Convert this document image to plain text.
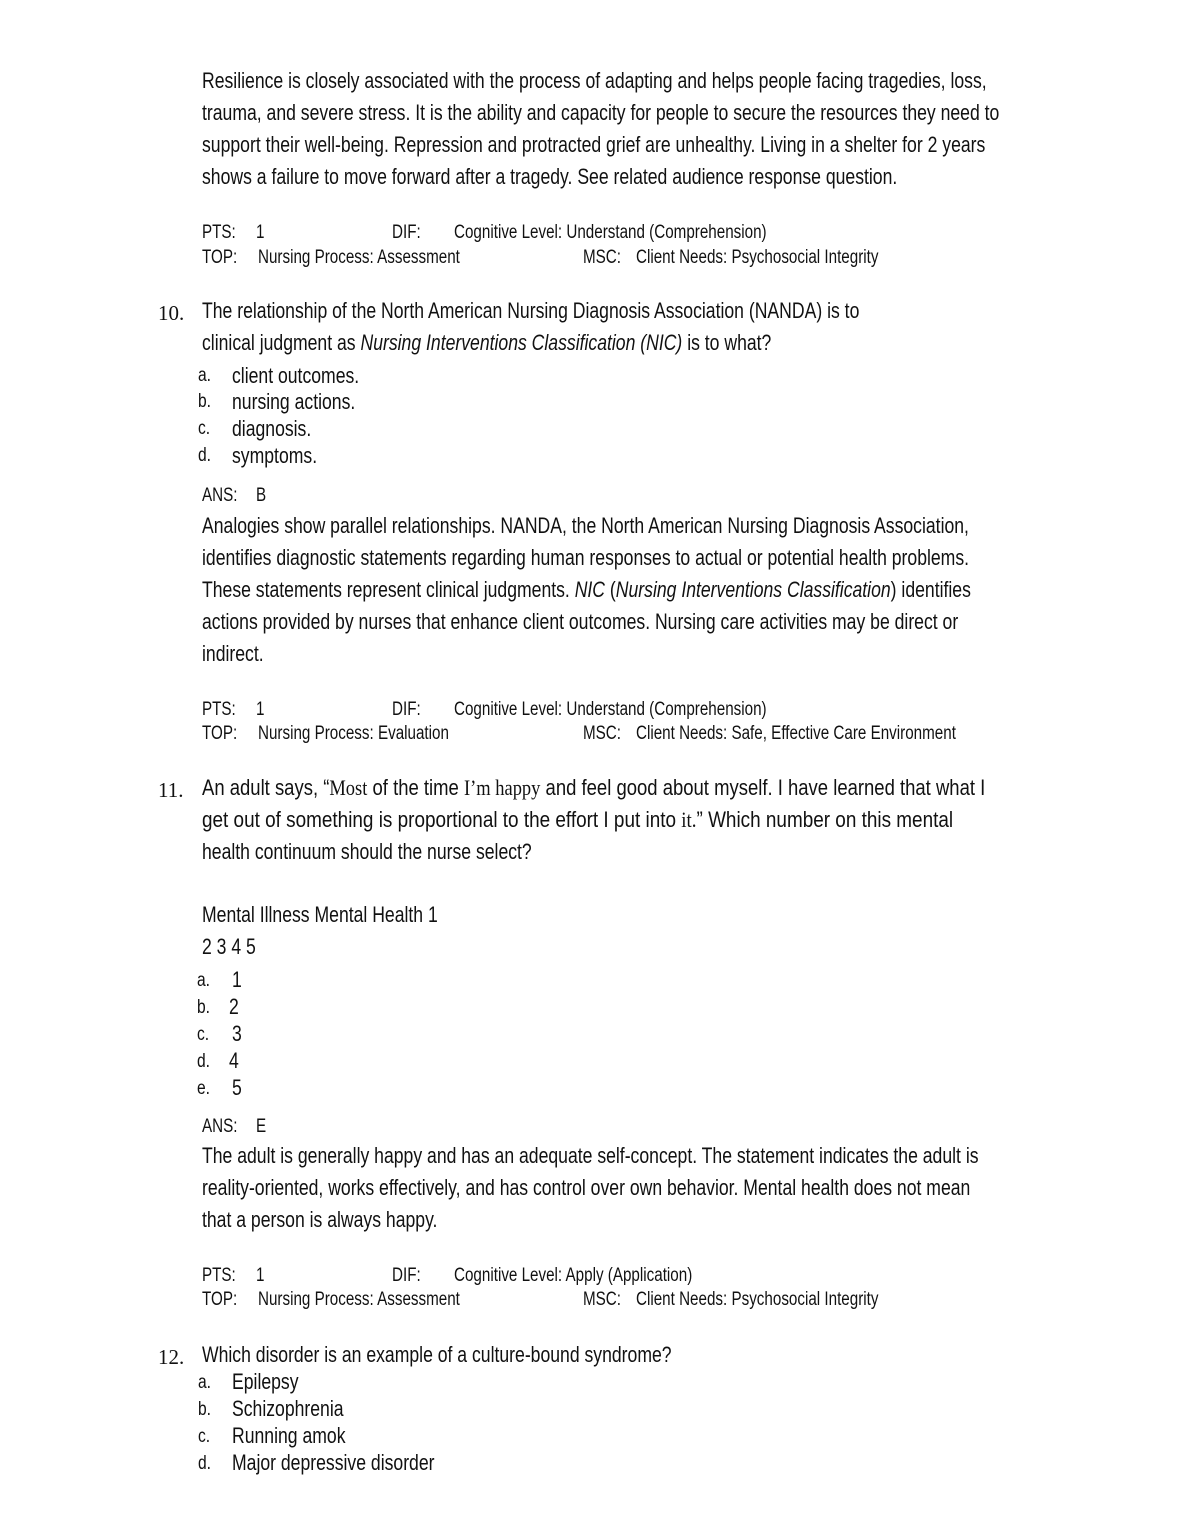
Resilience is closely associated with the process of adapting and helps people facing tragedies, loss,
trauma, and severe stress. It is the ability and capacity for people to secure the resources they need to
support their well-being. Repression and protracted grief are unhealthy. Living in a shelter for 2 years
shows a failure to move forward after a tragedy. See related audience response question.
PTS:	1	DIF:	Cognitive Level: Understand (Comprehension)
TOP:	Nursing Process: Assessment	MSC: Client Needs: Psychosocial Integrity
10. The relationship of the North American Nursing Diagnosis Association (NANDA) is to
clinical judgment as Nursing Interventions Classification (NIC) is to what?
a. client outcomes.
b. nursing actions.
c. diagnosis.
d. symptoms.
ANS: B
Analogies show parallel relationships. NANDA, the North American Nursing Diagnosis Association,
identifies diagnostic statements regarding human responses to actual or potential health problems.
These statements represent clinical judgments. NIC (Nursing Interventions Classification) identifies
actions provided by nurses that enhance client outcomes. Nursing care activities may be direct or
indirect.
PTS:	1	DIF:	Cognitive Level: Understand (Comprehension)
TOP:	Nursing Process: Evaluation	MSC: Client Needs: Safe, Effective Care Environment
11. An adult says, “Most of the time I’m happy and feel good about myself. I have learned that what I
get out of something is proportional to the effort I put into it.” Which number on this mental
health continuum should the nurse select?
Mental Illness Mental Health 1
2 3 4 5
a. 1
b. 2
c. 3
d. 4
e. 5
ANS: E
The adult is generally happy and has an adequate self-concept. The statement indicates the adult is
reality-oriented, works effectively, and has control over own behavior. Mental health does not mean
that a person is always happy.
PTS:	1	DIF:	Cognitive Level: Apply (Application)
TOP:	Nursing Process: Assessment	MSC: Client Needs: Psychosocial Integrity
12. Which disorder is an example of a culture-bound syndrome?
a. Epilepsy
b. Schizophrenia
c. Running amok
d. Major depressive disorder
